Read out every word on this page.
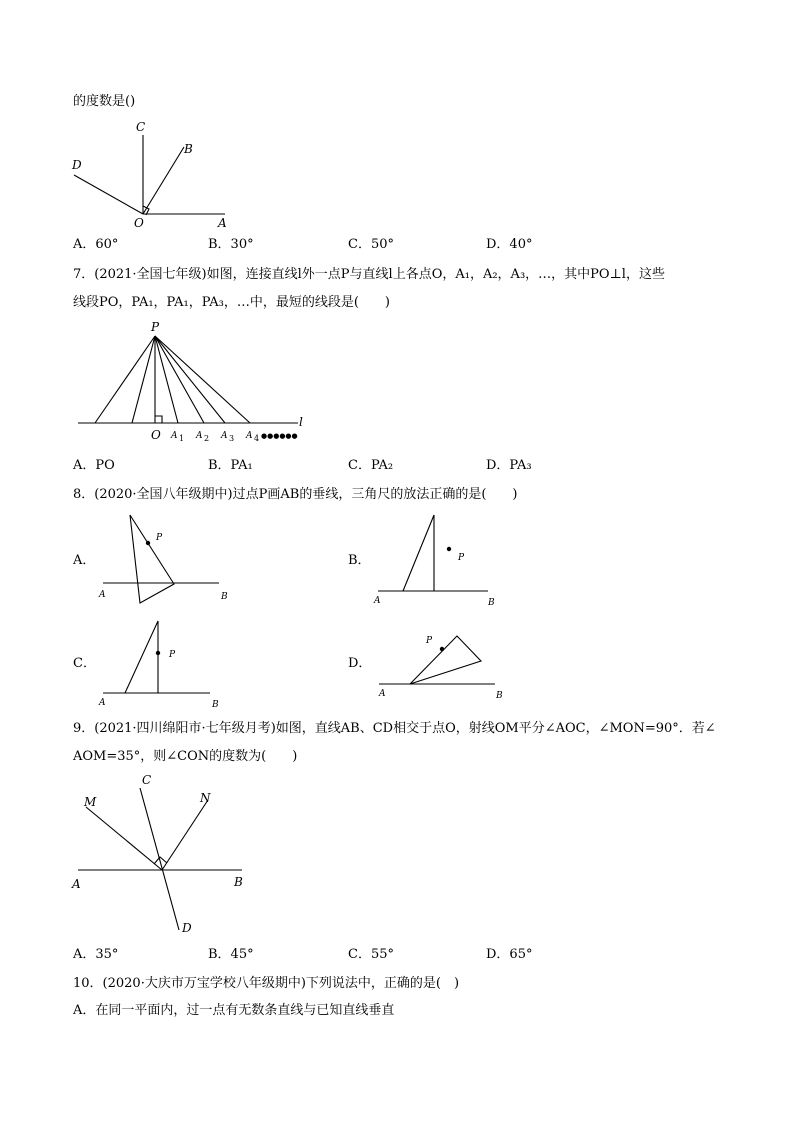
的度数是()
C
B
D
O	A
A．60°	B．30°	C．50°	D．40°
7．(2021·全国七年级)如图，连接直线l外一点P与直线l上各点O，A₁，A₂，A₃，…，其中PO⊥l，这些
线段PO，PA₁，PA₁，PA₃，…中，最短的线段是(　　)
P
l
O A 1 A 2 A 3 A 4 ●●●●●●
A．PO	B．PA₁	C．PA₂	D．PA₃
8．(2020·全国八年级期中)过点P画AB的垂线，三角尺的放法正确的是(　　)
A．
P
A	B
B．	P
A	B
C．
P
A	B
D．
P
A	B
9．(2021·四川绵阳市·七年级月考)如图，直线AB、CD相交于点O，射线OM平分∠AOC，∠MON=90°．若∠
AOM=35°，则∠CON的度数为(　　)
C
M	N
A	B
D
A．35°	B．45°	C．55°	D．65°
10．(2020·大庆市万宝学校八年级期中)下列说法中，正确的是(　)
A．在同一平面内，过一点有无数条直线与已知直线垂直
